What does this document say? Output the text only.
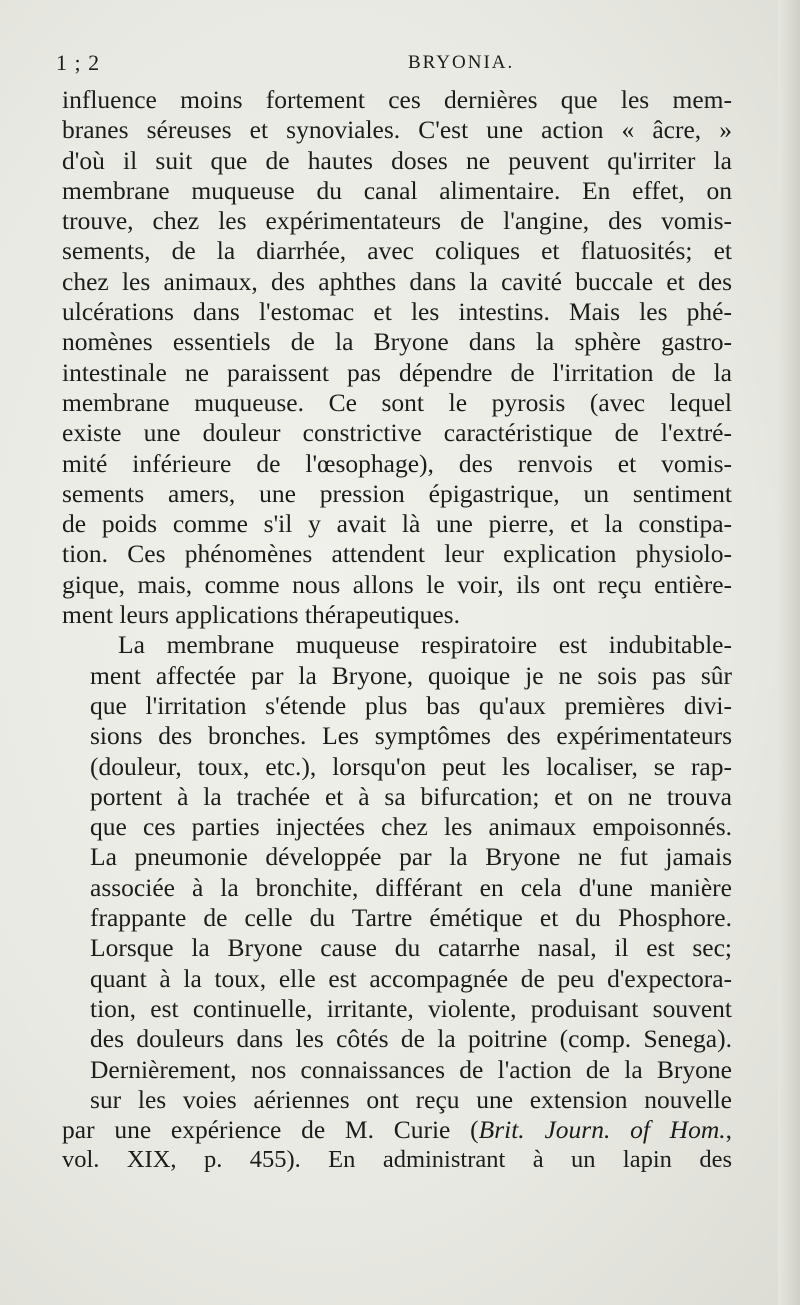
1 ; 2	BRYONIA.

influence moins fortement ces dernières que les mem-
branes séreuses et synoviales. C'est une action « âcre, »
d'où il suit que de hautes doses ne peuvent qu'irriter la
membrane muqueuse du canal alimentaire. En effet, on
trouve, chez les expérimentateurs de l'angine, des vomis-
sements, de la diarrhée, avec coliques et flatuosités; et
chez les animaux, des aphthes dans la cavité buccale et des
ulcérations dans l'estomac et les intestins. Mais les phé-
nomènes essentiels de la Bryone dans la sphère gastro-
intestinale ne paraissent pas dépendre de l'irritation de la
membrane muqueuse. Ce sont le pyrosis (avec lequel
existe une douleur constrictive caractéristique de l'extré-
mité inférieure de l'œsophage), des renvois et vomis-
sements amers, une pression épigastrique, un sentiment
de poids comme s'il y avait là une pierre, et la constipa-
tion. Ces phénomènes attendent leur explication physiolo-
gique, mais, comme nous allons le voir, ils ont reçu entière-
ment leurs applications thérapeutiques.

La membrane muqueuse respiratoire est indubitable-
ment affectée par la Bryone, quoique je ne sois pas sûr
que l'irritation s'étende plus bas qu'aux premières divi-
sions des bronches. Les symptômes des expérimentateurs
(douleur, toux, etc.), lorsqu'on peut les localiser, se rap-
portent à la trachée et à sa bifurcation; et on ne trouva
que ces parties injectées chez les animaux empoisonnés.
La pneumonie développée par la Bryone ne fut jamais
associée à la bronchite, différant en cela d'une manière
frappante de celle du Tartre émétique et du Phosphore.
Lorsque la Bryone cause du catarrhe nasal, il est sec;
quant à la toux, elle est accompagnée de peu d'expectora-
tion, est continuelle, irritante, violente, produisant souvent
des douleurs dans les côtés de la poitrine (comp. Senega).
Dernièrement, nos connaissances de l'action de la Bryone
sur les voies aériennes ont reçu une extension nouvelle

par une expérience de M. Curie (Brit. Journ. of Hom.,
vol. XIX, p. 455). En administrant à un lapin des
